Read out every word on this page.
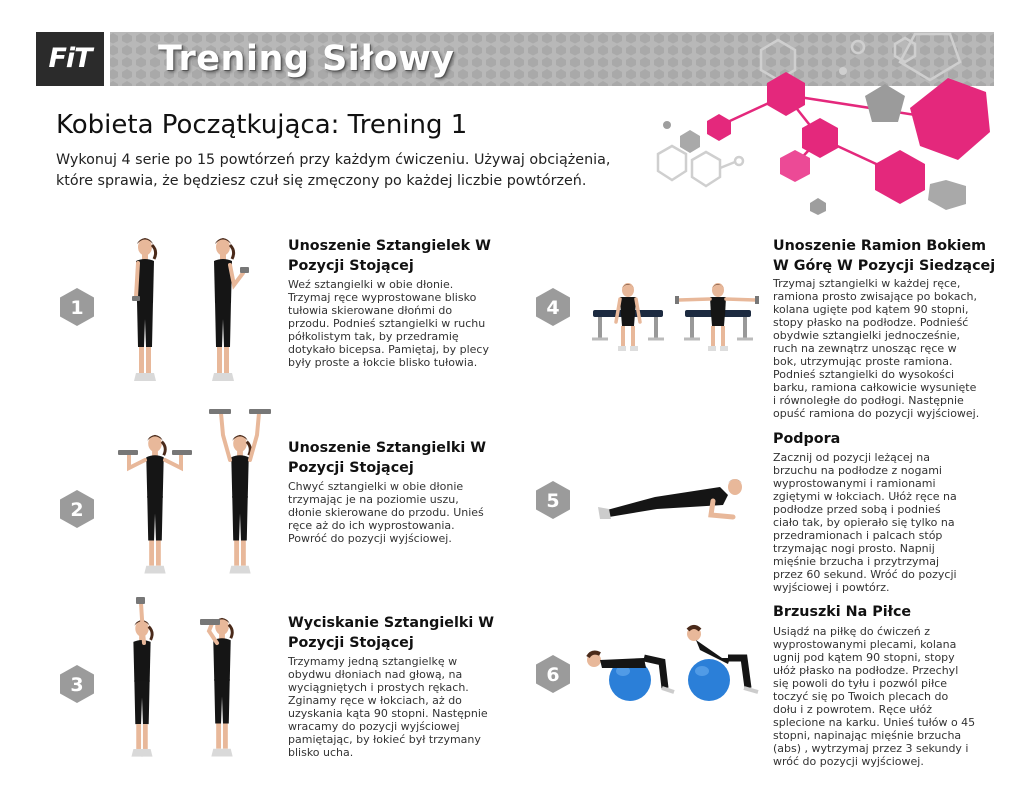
FiT	Trening Siłowy
Kobieta Początkująca: Trening 1

Wykonuj 4 serie po 15 powtórzeń przy każdym ćwiczeniu. Używaj obciążenia,
które sprawia, że będziesz czuł się zmęczony po każdej liczbie powtórzeń.

1
2
3
4
5
6
Unoszenie Sztangielek W
Pozycji Stojącej

Weź sztangielki w obie dłonie.
Trzymaj ręce wyprostowane blisko
tułowia skierowane dłońmi do
przodu. Podnieś sztangielki w ruchu
półkolistym tak, by przedramię
dotykało bicepsa. Pamiętaj, by plecy
były proste a łokcie blisko tułowia.

Unoszenie Sztangielki W
Pozycji Stojącej

Chwyć sztangielki w obie dłonie
trzymając je na poziomie uszu,
dłonie skierowane do przodu. Unieś
ręce aż do ich wyprostowania.
Powróć do pozycji wyjściowej.

Wyciskanie Sztangielki W
Pozycji Stojącej

Trzymamy jedną sztangielkę w
obydwu dłoniach nad głową, na
wyciągniętych i prostych rękach.
Zginamy ręce w łokciach, aż do
uzyskania kąta 90 stopni. Następnie
wracamy do pozycji wyjściowej
pamiętając, by łokieć był trzymany
blisko ucha.

Unoszenie Ramion Bokiem
W Górę W Pozycji Siedzącej

Trzymaj sztangielki w każdej ręce,
ramiona prosto zwisające po bokach,
kolana ugięte pod kątem 90 stopni,
stopy płasko na podłodze. Podnieść
obydwie sztangielki jednocześnie,
ruch na zewnątrz unosząc ręce w
bok, utrzymując proste ramiona.
Podnieś sztangielki do wysokości
barku, ramiona całkowicie wysunięte
i równoległe do podłogi. Następnie
opuść ramiona do pozycji wyjściowej.

Podpora

Zacznij od pozycji leżącej na
brzuchu na podłodze z nogami
wyprostowanymi i ramionami
zgiętymi w łokciach. Ułóż ręce na
podłodze przed sobą i podnieś
ciało tak, by opierało się tylko na
przedramionach i palcach stóp
trzymając nogi prosto. Napnij
mięśnie brzucha i przytrzymaj
przez 60 sekund. Wróć do pozycji
wyjściowej i powtórz.

Brzuszki Na Piłce

Usiądź na piłkę do ćwiczeń z
wyprostowanymi plecami, kolana
ugnij pod kątem 90 stopni, stopy
ułóż płasko na podłodze. Przechyl
się powoli do tyłu i pozwól piłce
toczyć się po Twoich plecach do
dołu i z powrotem. Ręce ułóż
splecione na karku. Unieś tułów o 45
stopni, napinając mięśnie brzucha
(abs) , wytrzymaj przez 3 sekundy i
wróć do pozycji wyjściowej.
